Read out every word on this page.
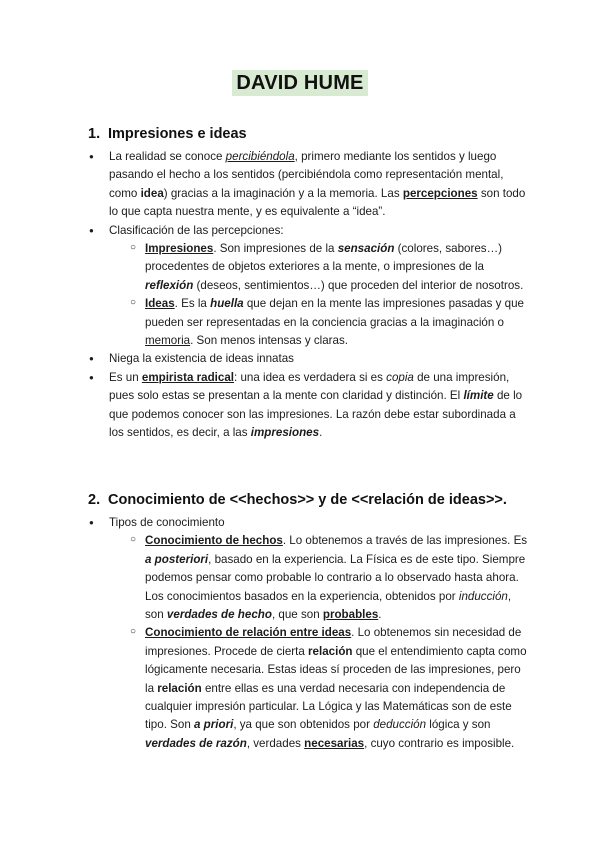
DAVID HUME
1. Impresiones e ideas
● La realidad se conoce percibiéndola, primero mediante los sentidos y luego pasando el hecho a los sentidos (percibiéndola como representación mental, como idea) gracias a la imaginación y a la memoria. Las percepciones son todo lo que capta nuestra mente, y es equivalente a “idea”.
● Clasificación de las percepciones:
○ Impresiones. Son impresiones de la sensación (colores, sabores…) procedentes de objetos exteriores a la mente, o impresiones de la reflexión (deseos, sentimientos…) que proceden del interior de nosotros.
○ Ideas. Es la huella que dejan en la mente las impresiones pasadas y que pueden ser representadas en la conciencia gracias a la imaginación o memoria. Son menos intensas y claras.
● Niega la existencia de ideas innatas
● Es un empirista radical: una idea es verdadera si es copia de una impresión, pues solo estas se presentan a la mente con claridad y distinción. El límite de lo que podemos conocer son las impresiones. La razón debe estar subordinada a los sentidos, es decir, a las impresiones.
2. Conocimiento de <<hechos>> y de <<relación de ideas>>.
● Tipos de conocimiento
○ Conocimiento de hechos. Lo obtenemos a través de las impresiones. Es a posteriori, basado en la experiencia. La Física es de este tipo. Siempre podemos pensar como probable lo contrario a lo observado hasta ahora. Los conocimientos basados en la experiencia, obtenidos por inducción, son verdades de hecho, que son probables.
○ Conocimiento de relación entre ideas. Lo obtenemos sin necesidad de impresiones. Procede de cierta relación que el entendimiento capta como lógicamente necesaria. Estas ideas sí proceden de las impresiones, pero la relación entre ellas es una verdad necesaria con independencia de cualquier impresión particular. La Lógica y las Matemáticas son de este tipo. Son a priori, ya que son obtenidos por deducción lógica y son verdades de razón, verdades necesarias, cuyo contrario es imposible.
